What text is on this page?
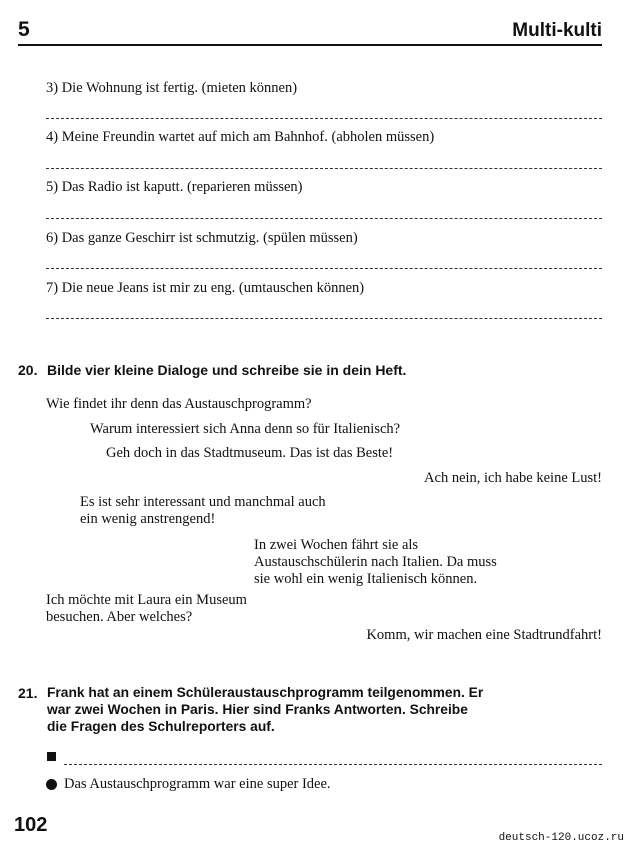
5	Multi-kulti
3) Die Wohnung ist fertig. (mieten können)
4) Meine Freundin wartet auf mich am Bahnhof. (abholen müssen)
5) Das Radio ist kaputt. (reparieren müssen)
6) Das ganze Geschirr ist schmutzig. (spülen müssen)
7) Die neue Jeans ist mir zu eng. (umtauschen können)
20. Bilde vier kleine Dialoge und schreibe sie in dein Heft.
Wie findet ihr denn das Austauschprogramm?
Warum interessiert sich Anna denn so für Italienisch?
Geh doch in das Stadtmuseum. Das ist das Beste!
Ach nein, ich habe keine Lust!
Es ist sehr interessant und manchmal auch
ein wenig anstrengend!
In zwei Wochen fährt sie als
Austauschschülerin nach Italien. Da muss
sie wohl ein wenig Italienisch können.
Ich möchte mit Laura ein Museum
besuchen. Aber welches?
Komm, wir machen eine Stadtrundfahrt!
21. Frank hat an einem Schüleraustauschprogramm teilgenommen. Er
war zwei Wochen in Paris. Hier sind Franks Antworten. Schreibe
die Fragen des Schulreporters auf.
Das Austauschprogramm war eine super Idee.
102
deutsch-120.ucoz.ru
